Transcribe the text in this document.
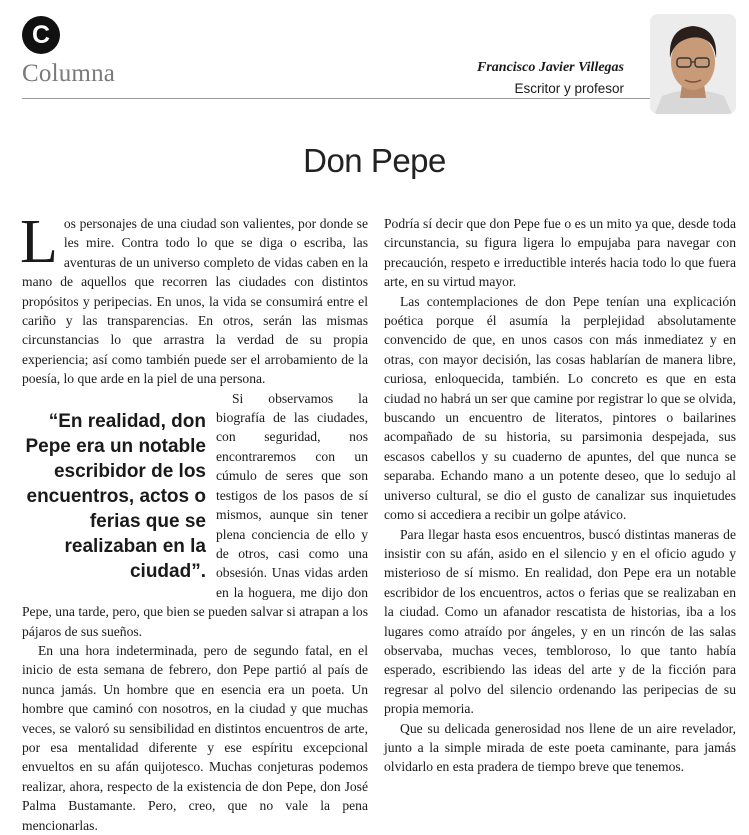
C
Columna	Francisco Javier Villegas
Escritor y profesor
Don Pepe

Los personajes de una ciudad son valientes, por donde se les mire. Contra todo lo que se diga o escriba, las aventuras de un universo completo de vidas caben en la mano de aquellos que recorren las ciudades con distintos propósitos y peripecias. En unos, la vida se consumirá entre el cariño y las transparencias. En otros, serán las mismas circunstancias lo que arrastra la verdad de su propia experiencia; así como también puede ser el arrobamiento de la poesía, lo que arde en la piel de una persona.

“En realidad, don Pepe era un notable escribidor de los encuentros, actos o ferias que se realizaban en la ciudad”.

Si observamos la biografía de las ciudades, con seguridad, nos encontraremos con un cúmulo de seres que son testigos de los pasos de sí mismos, aunque sin tener plena conciencia de ello y de otros, casi como una obsesión. Unas vidas arden en la hoguera, me dijo don Pepe, una tarde, pero, que bien se pueden salvar si atrapan a los pájaros de sus sueños.

En una hora indeterminada, pero de segundo fatal, en el inicio de esta semana de febrero, don Pepe partió al país de nunca jamás. Un hombre que en esencia era un poeta. Un hombre que caminó con nosotros, en la ciudad y que muchas veces, se valoró su sensibilidad en distintos encuentros de arte, por esa mentalidad diferente y ese espíritu excepcional envueltos en su afán quijotesco. Muchas conjeturas podemos realizar, ahora, respecto de la existencia de don Pepe, don José Palma Bustamante. Pero, creo, que no vale la pena mencionarlas.

Podría sí decir que don Pepe fue o es un mito ya que, desde toda circunstancia, su figura ligera lo empujaba para navegar con precaución, respeto e irreductible interés hacia todo lo que fuera arte, en su virtud mayor.

Las contemplaciones de don Pepe tenían una explicación poética porque él asumía la perplejidad absolutamente convencido de que, en unos casos con más inmediatez y en otras, con mayor decisión, las cosas hablarían de manera libre, curiosa, enloquecida, también. Lo concreto es que en esta ciudad no habrá un ser que camine por registrar lo que se olvida, buscando un encuentro de literatos, pintores o bailarines acompañado de su historia, su parsimonia despejada, sus escasos cabellos y su cuaderno de apuntes, del que nunca se separaba. Echando mano a un potente deseo, que lo sedujo al universo cultural, se dio el gusto de canalizar sus inquietudes como si accediera a recibir un golpe atávico.

Para llegar hasta esos encuentros, buscó distintas maneras de insistir con su afán, asido en el silencio y en el oficio agudo y misterioso de sí mismo. En realidad, don Pepe era un notable escribidor de los encuentros, actos o ferias que se realizaban en la ciudad. Como un afanador rescatista de historias, iba a los lugares como atraído por ángeles, y en un rincón de las salas observaba, muchas veces, tembloroso, lo que tanto había esperado, escribiendo las ideas del arte y de la ficción para regresar al polvo del silencio ordenando las peripecias de su propia memoria.

Que su delicada generosidad nos llene de un aire revelador, junto a la simple mirada de este poeta caminante, para jamás olvidarlo en esta pradera de tiempo breve que tenemos.
